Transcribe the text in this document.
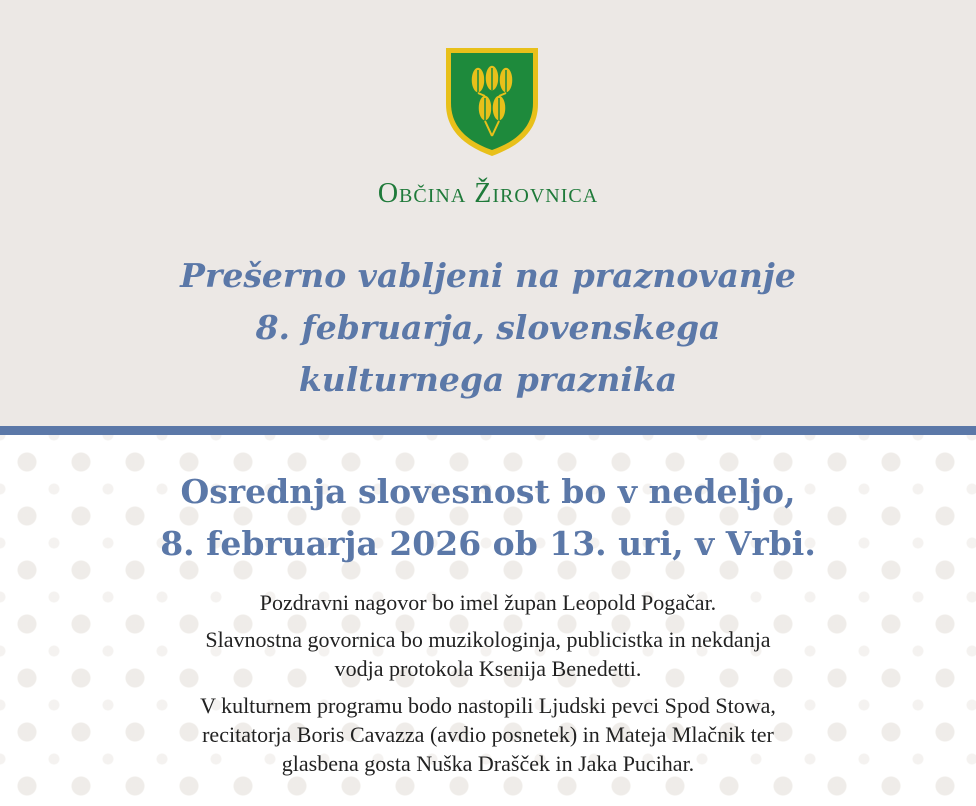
Občina Žirovnica
Prešerno vabljeni na praznovanje
8. februarja, slovenskega
kulturnega praznika
Osrednja slovesnost bo v nedeljo,
8. februarja 2026 ob 13. uri, v Vrbi.

Pozdravni nagovor bo imel župan Leopold Pogačar.

Slavnostna govornica bo muzikologinja, publicistka in nekdanja
vodja protokola Ksenija Benedetti.

V kulturnem programu bodo nastopili Ljudski pevci Spod Stowa,
recitatorja Boris Cavazza (avdio posnetek) in Mateja Mlačnik ter
glasbena gosta Nuška Drašček in Jaka Pucihar.
